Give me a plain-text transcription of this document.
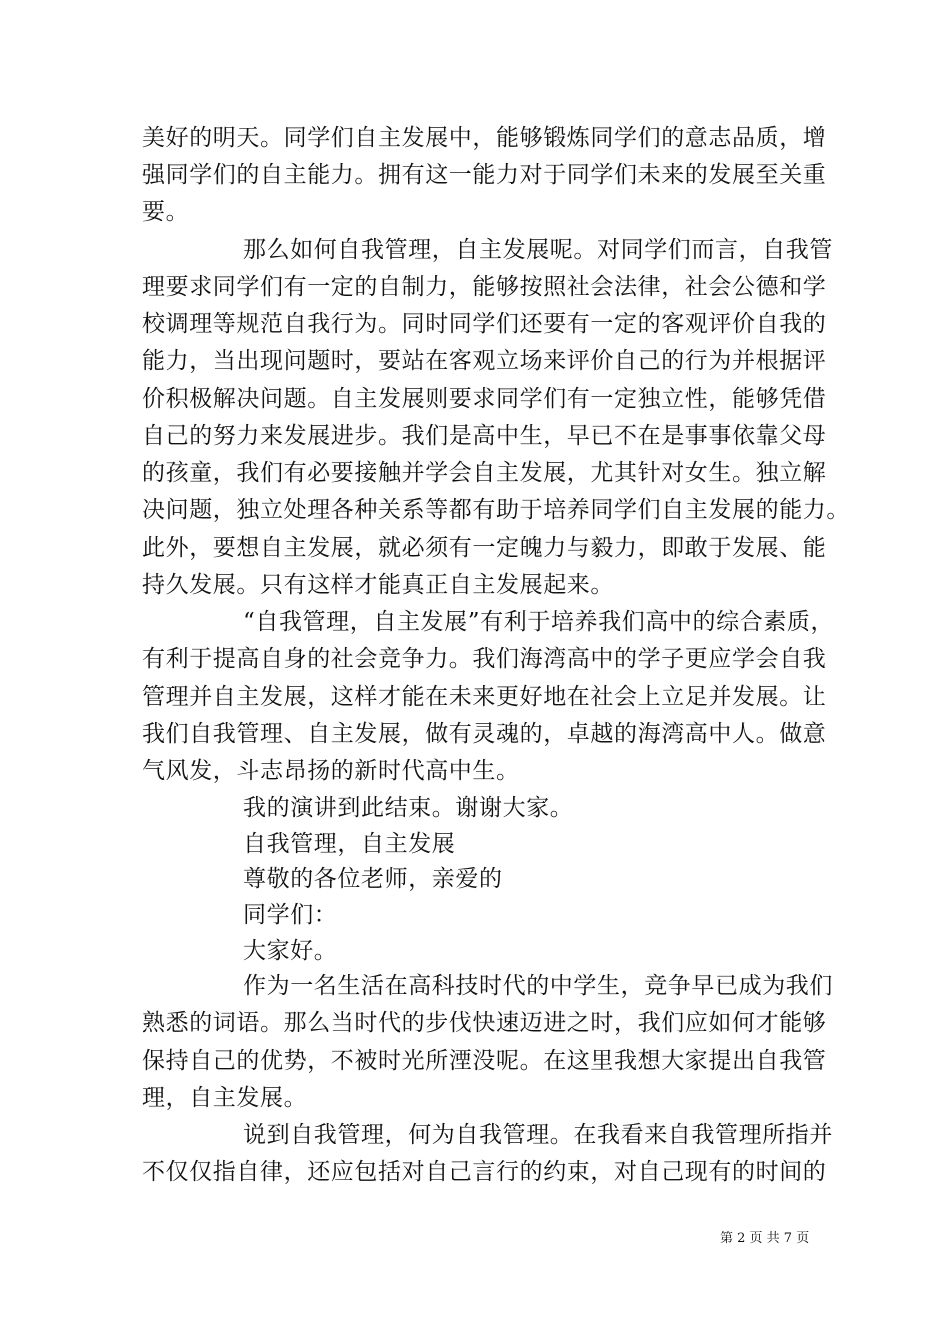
美好的明天。同学们自主发展中，能够锻炼同学们的意志品质，增
强同学们的自主能力。拥有这一能力对于同学们未来的发展至关重
要。
那么如何自我管理，自主发展呢。对同学们而言，自我管
理要求同学们有一定的自制力，能够按照社会法律，社会公德和学
校调理等规范自我行为。同时同学们还要有一定的客观评价自我的
能力，当出现问题时，要站在客观立场来评价自己的行为并根据评
价积极解决问题。自主发展则要求同学们有一定独立性，能够凭借
自己的努力来发展进步。我们是高中生，早已不在是事事依靠父母
的孩童，我们有必要接触并学会自主发展，尤其针对女生。独立解
决问题，独立处理各种关系等都有助于培养同学们自主发展的能力。
此外，要想自主发展，就必须有一定魄力与毅力，即敢于发展、能
持久发展。只有这样才能真正自主发展起来。
“自我管理，自主发展”有利于培养我们高中的综合素质，
有利于提高自身的社会竞争力。我们海湾高中的学子更应学会自我
管理并自主发展，这样才能在未来更好地在社会上立足并发展。让
我们自我管理、自主发展，做有灵魂的，卓越的海湾高中人。做意
气风发，斗志昂扬的新时代高中生。
我的演讲到此结束。谢谢大家。
自我管理，自主发展
尊敬的各位老师，亲爱的
同学们：
大家好。
作为一名生活在高科技时代的中学生，竞争早已成为我们
熟悉的词语。那么当时代的步伐快速迈进之时，我们应如何才能够
保持自己的优势，不被时光所湮没呢。在这里我想大家提出自我管
理，自主发展。
说到自我管理，何为自我管理。在我看来自我管理所指并
不仅仅指自律，还应包括对自己言行的约束，对自己现有的时间的
第 2 页 共 7 页
